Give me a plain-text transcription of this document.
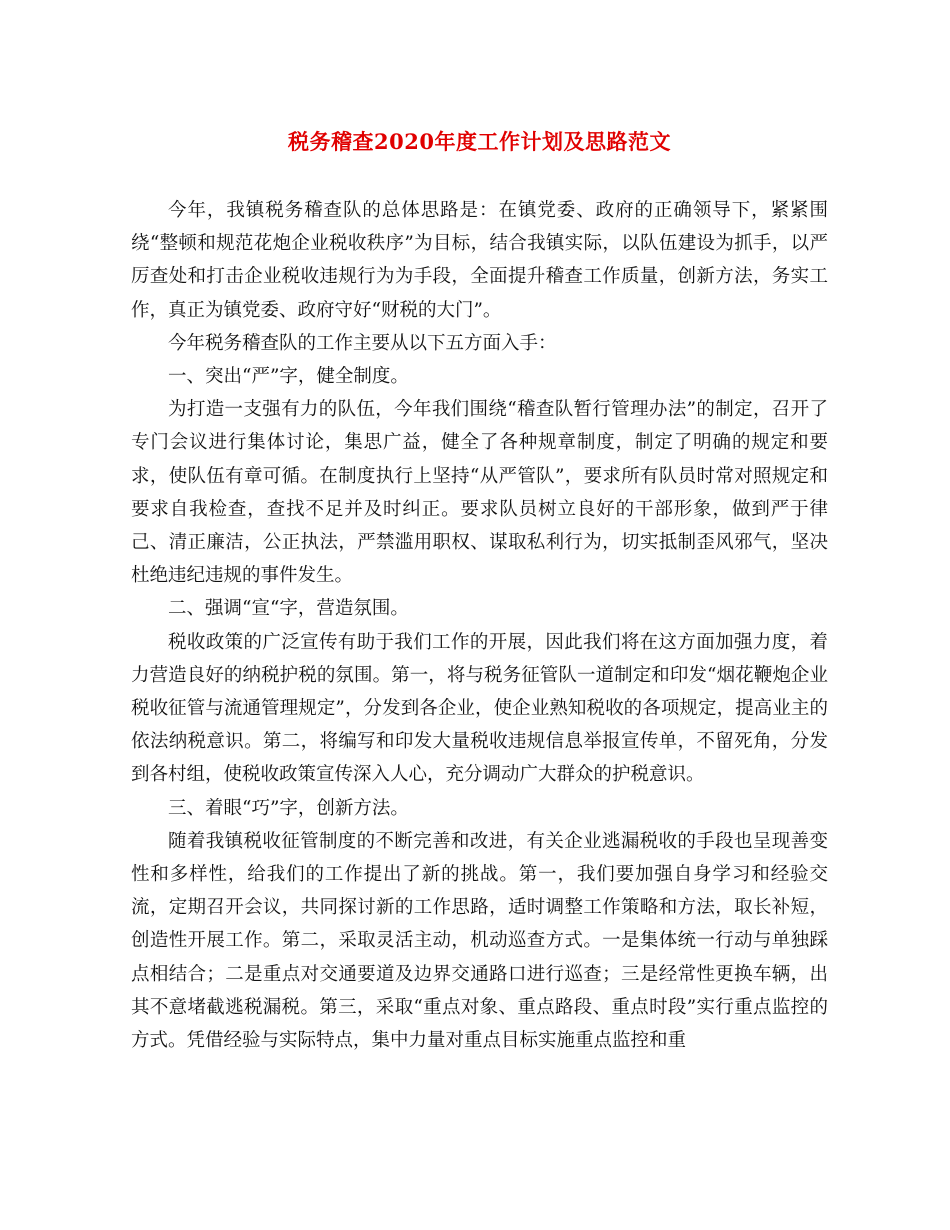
税务稽查2020年度工作计划及思路范文

今年，我镇税务稽查队的总体思路是：在镇党委、政府的正确领导下，紧紧围绕“整顿和规范花炮企业税收秩序”为目标，结合我镇实际，以队伍建设为抓手，以严厉查处和打击企业税收违规行为为手段，全面提升稽查工作质量，创新方法，务实工作，真正为镇党委、政府守好“财税的大门”。

今年税务稽查队的工作主要从以下五方面入手：

一、突出“严”字，健全制度。

为打造一支强有力的队伍，今年我们围绕“稽查队暂行管理办法”的制定，召开了专门会议进行集体讨论，集思广益，健全了各种规章制度，制定了明确的规定和要求，使队伍有章可循。在制度执行上坚持“从严管队”，要求所有队员时常对照规定和要求自我检查，查找不足并及时纠正。要求队员树立良好的干部形象，做到严于律己、清正廉洁，公正执法，严禁滥用职权、谋取私利行为，切实抵制歪风邪气，坚决杜绝违纪违规的事件发生。

二、强调“宣“字，营造氛围。

税收政策的广泛宣传有助于我们工作的开展，因此我们将在这方面加强力度，着力营造良好的纳税护税的氛围。第一，将与税务征管队一道制定和印发“烟花鞭炮企业税收征管与流通管理规定”，分发到各企业，使企业熟知税收的各项规定，提高业主的依法纳税意识。第二，将编写和印发大量税收违规信息举报宣传单，不留死角，分发到各村组，使税收政策宣传深入人心，充分调动广大群众的护税意识。

三、着眼“巧”字，创新方法。

随着我镇税收征管制度的不断完善和改进，有关企业逃漏税收的手段也呈现善变性和多样性，给我们的工作提出了新的挑战。第一，我们要加强自身学习和经验交流，定期召开会议，共同探讨新的工作思路，适时调整工作策略和方法，取长补短，创造性开展工作。第二，采取灵活主动，机动巡查方式。一是集体统一行动与单独踩点相结合；二是重点对交通要道及边界交通路口进行巡查；三是经常性更换车辆，出其不意堵截逃税漏税。第三，采取“重点对象、重点路段、重点时段”实行重点监控的方式。凭借经验与实际特点，集中力量对重点目标实施重点监控和重
